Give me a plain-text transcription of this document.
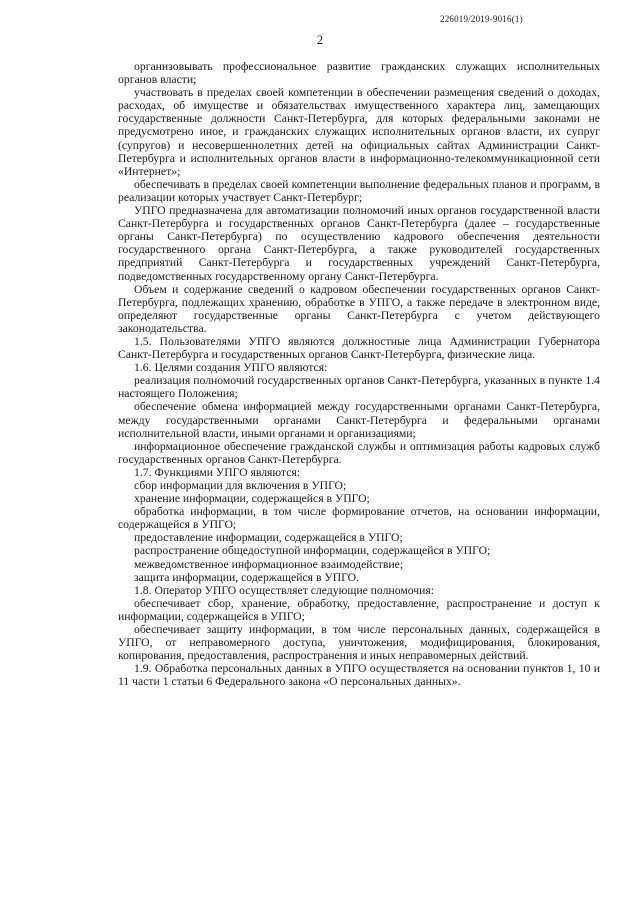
226019/2019-9016(1)
2

организовывать профессиональное развитие гражданских служащих исполнительных органов власти;

участвовать в пределах своей компетенции в обеспечении размещения сведений о доходах, расходах, об имуществе и обязательствах имущественного характера лиц, замещающих государственные должности Санкт-Петербурга, для которых федеральными законами не предусмотрено иное, и гражданских служащих исполнительных органов власти, их супруг (супругов) и несовершеннолетних детей на официальных сайтах Администрации Санкт-Петербурга и исполнительных органов власти в информационно-телекоммуникационной сети «Интернет»;

обеспечивать в пределах своей компетенции выполнение федеральных планов и программ, в реализации которых участвует Санкт-Петербург;

УПГО предназначена для автоматизации полномочий иных органов государственной власти Санкт-Петербурга и государственных органов Санкт-Петербурга (далее – государственные органы Санкт-Петербурга) по осуществлению кадрового обеспечения деятельности государственного органа Санкт-Петербурга, а также руководителей государственных предприятий Санкт-Петербурга и государственных учреждений Санкт-Петербурга, подведомственных государственному органу Санкт-Петербурга.

Объем и содержание сведений о кадровом обеспечении государственных органов Санкт-Петербурга, подлежащих хранению, обработке в УПГО, а также передаче в электронном виде, определяют государственные органы Санкт-Петербурга с учетом действующего законодательства.

1.5. Пользователями УПГО являются должностные лица Администрации Губернатора Санкт-Петербурга и государственных органов Санкт-Петербурга, физические лица.

1.6. Целями создания УПГО являются:

реализация полномочий государственных органов Санкт-Петербурга, указанных в пункте 1.4 настоящего Положения;

обеспечение обмена информацией между государственными органами Санкт-Петербурга, между государственными органами Санкт-Петербурга и федеральными органами исполнительной власти, иными органами и организациями;

информационное обеспечение гражданской службы и оптимизация работы кадровых служб государственных органов Санкт-Петербурга.

1.7. Функциями УПГО являются:

сбор информации для включения в УПГО;

хранение информации, содержащейся в УПГО;

обработка информации, в том числе формирование отчетов, на основании информации, содержащейся в УПГО;

предоставление информации, содержащейся в УПГО;

распространение общедоступной информации, содержащейся в УПГО;

межведомственное информационное взаимодействие;

защита информации, содержащейся в УПГО.

1.8. Оператор УПГО осуществляет следующие полномочия:

обеспечивает сбор, хранение, обработку, предоставление, распространение и доступ к информации, содержащейся в УПГО;

обеспечивает защиту информации, в том числе персональных данных, содержащейся в УПГО, от неправомерного доступа, уничтожения, модифицирования, блокирования, копирования, предоставления, распространения и иных неправомерных действий.

1.9. Обработка персональных данных в УПГО осуществляется на основании пунктов 1, 10 и 11 части 1 статьи 6 Федерального закона «О персональных данных».
